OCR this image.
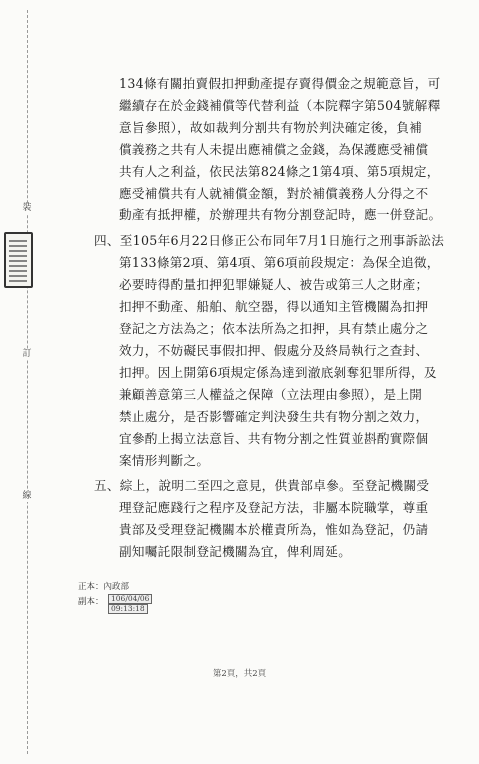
裝
訂
線
134條有關拍賣假扣押動產提存賣得價金之規範意旨，可
繼續存在於金錢補償等代替利益（本院釋字第504號解釋
意旨參照），故如裁判分割共有物於判決確定後，負補
償義務之共有人未提出應補償之金錢，為保護應受補償
共有人之利益，依民法第824條之1第4項、第5項規定，
應受補償共有人就補償金額，對於補償義務人分得之不
動產有抵押權，於辦理共有物分割登記時，應一併登記。
四、至105年6月22日修正公布同年7月1日施行之刑事訴訟法
第133條第2項、第4項、第6項前段規定：為保全追徵，
必要時得酌量扣押犯罪嫌疑人、被告或第三人之財產；
扣押不動產、船舶、航空器，得以通知主管機關為扣押
登記之方法為之；依本法所為之扣押，具有禁止處分之
效力，不妨礙民事假扣押、假處分及終局執行之查封、
扣押。因上開第6項規定係為達到澈底剝奪犯罪所得，及
兼顧善意第三人權益之保障（立法理由參照），是上開
禁止處分，是否影響確定判決發生共有物分割之效力，
宜參酌上揭立法意旨、共有物分割之性質並斟酌實際個
案情形判斷之。
五、綜上，說明二至四之意見，供貴部卓參。至登記機關受
理登記應踐行之程序及登記方法，非屬本院職掌，尊重
貴部及受理登記機關本於權責所為，惟如為登記，仍請
副知囑託限制登記機關為宜，俾利周延。
正本：內政部
副本： 106/04/06
09:13:18
第2頁，共2頁
